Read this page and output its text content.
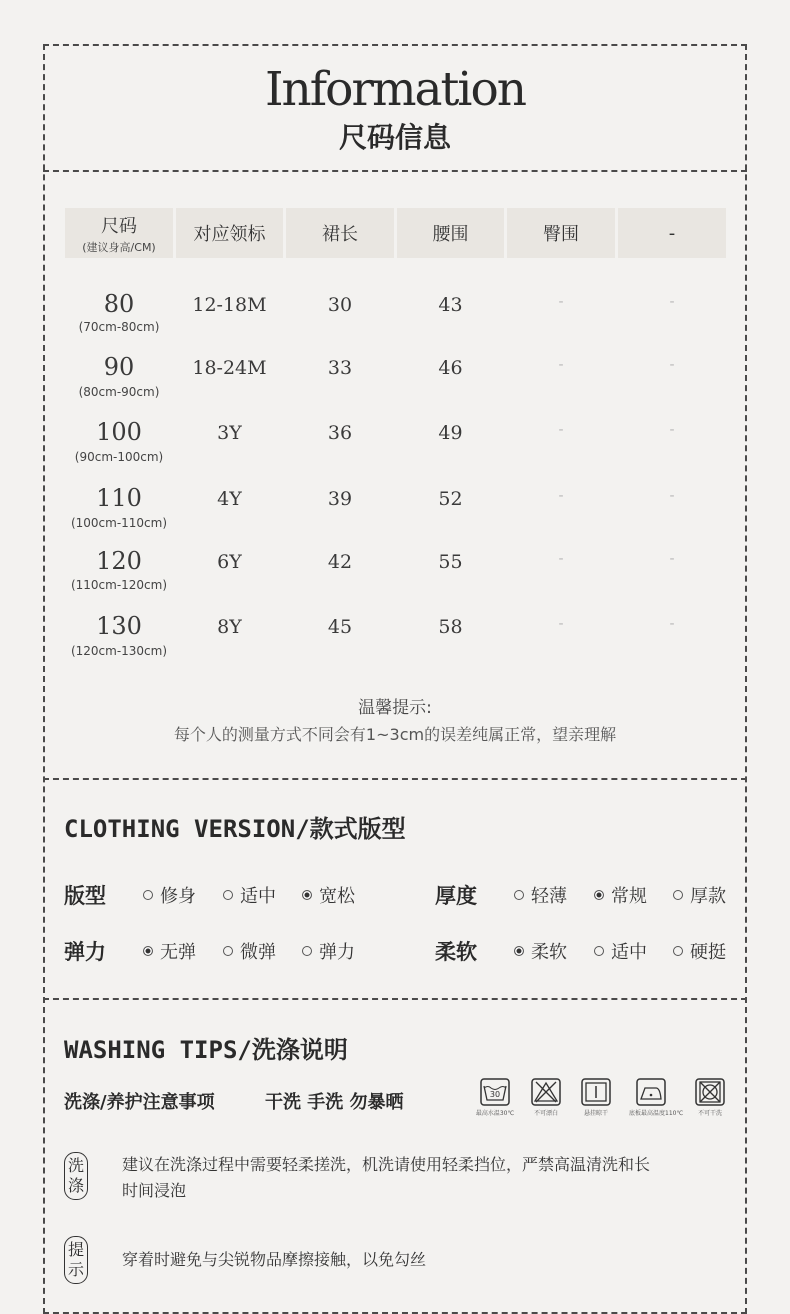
Information
尺码信息
尺码
(建议身高/CM)
对应领标	裙长	腰围	臀围	-
80
(70cm-80cm)
12-18M	30	43	-	-
90
(80cm-90cm)
18-24M	33	46	-	-
100
(90cm-100cm)
3Y	36	49	-	-
110
(100cm-110cm)
4Y	39	52	-	-
120
(110cm-120cm)
6Y	42	55	-	-
130
(120cm-130cm)
8Y	45	58	-	-
温馨提示:
每个人的测量方式不同会有1~3cm的误差纯属正常，望亲理解
CLOTHING VERSION/款式版型
版型	修身 适中 宽松	厚度	轻薄 常规 厚款
弹力	无弹 微弹 弹力	柔软	柔软 适中 硬挺
WASHING TIPS/洗涤说明
洗涤/养护注意事项	干洗 手洗 勿暴晒	30
最高水温30℃	不可漂白	悬挂晾干	底板最高温度110℃	不可干洗
洗涤
建议在洗涤过程中需要轻柔搓洗，机洗请使用轻柔挡位，严禁高温清洗和长时间浸泡
提示
穿着时避免与尖锐物品摩擦接触，以免勾丝
